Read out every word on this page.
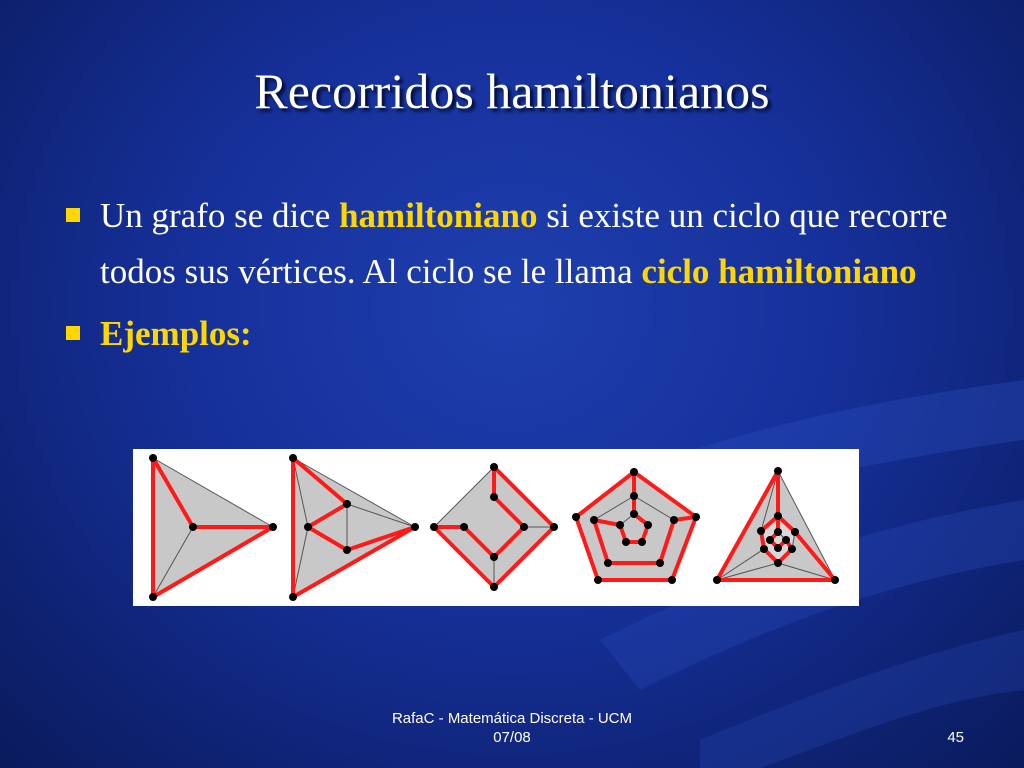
Recorridos hamiltonianos
Un grafo se dice hamiltoniano si existe un ciclo que recorre todos sus vértices. Al ciclo se le llama ciclo hamiltoniano
Ejemplos:
RafaC - Matemática Discreta - UCM
07/08	45
